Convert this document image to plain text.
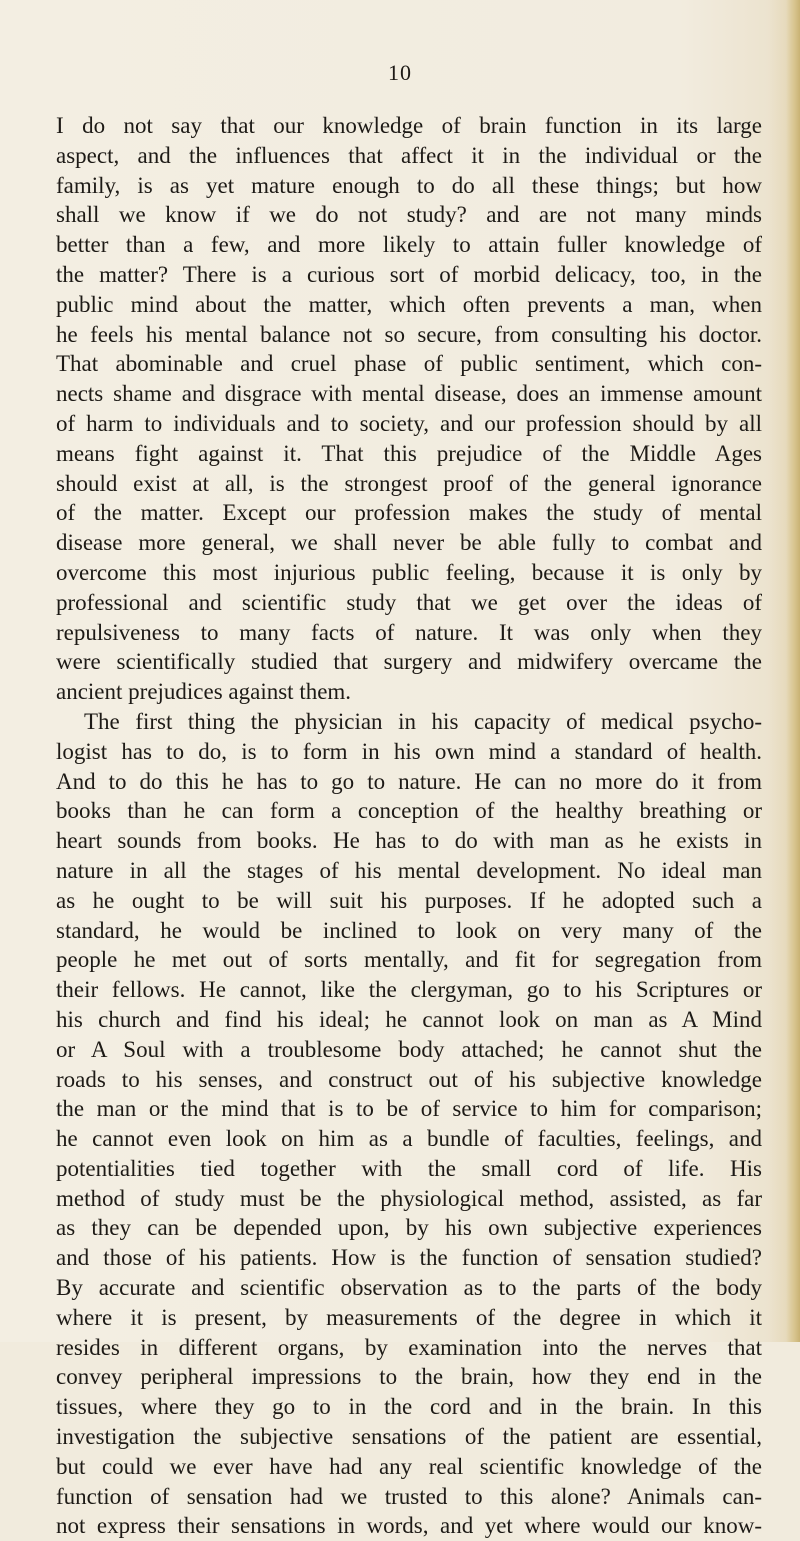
10
I do not say that our knowledge of brain function in its large
aspect, and the influences that affect it in the individual or the
family, is as yet mature enough to do all these things; but how
shall we know if we do not study? and are not many minds
better than a few, and more likely to attain fuller knowledge of
the matter? There is a curious sort of morbid delicacy, too, in the
public mind about the matter, which often prevents a man, when
he feels his mental balance not so secure, from consulting his doctor.
That abominable and cruel phase of public sentiment, which con-
nects shame and disgrace with mental disease, does an immense amount
of harm to individuals and to society, and our profession should by all
means fight against it. That this prejudice of the Middle Ages
should exist at all, is the strongest proof of the general ignorance
of the matter. Except our profession makes the study of mental
disease more general, we shall never be able fully to combat and
overcome this most injurious public feeling, because it is only by
professional and scientific study that we get over the ideas of
repulsiveness to many facts of nature. It was only when they
were scientifically studied that surgery and midwifery overcame the
ancient prejudices against them.
The first thing the physician in his capacity of medical psycho-
logist has to do, is to form in his own mind a standard of health.
And to do this he has to go to nature. He can no more do it from
books than he can form a conception of the healthy breathing or
heart sounds from books. He has to do with man as he exists in
nature in all the stages of his mental development. No ideal man
as he ought to be will suit his purposes. If he adopted such a
standard, he would be inclined to look on very many of the
people he met out of sorts mentally, and fit for segregation from
their fellows. He cannot, like the clergyman, go to his Scriptures or
his church and find his ideal; he cannot look on man as A Mind
or A Soul with a troublesome body attached; he cannot shut the
roads to his senses, and construct out of his subjective knowledge
the man or the mind that is to be of service to him for comparison;
he cannot even look on him as a bundle of faculties, feelings, and
potentialities tied together with the small cord of life. His
method of study must be the physiological method, assisted, as far
as they can be depended upon, by his own subjective experiences
and those of his patients. How is the function of sensation studied?
By accurate and scientific observation as to the parts of the body
where it is present, by measurements of the degree in which it
resides in different organs, by examination into the nerves that
convey peripheral impressions to the brain, how they end in the
tissues, where they go to in the cord and in the brain. In this
investigation the subjective sensations of the patient are essential,
but could we ever have had any real scientific knowledge of the
function of sensation had we trusted to this alone? Animals can-
not express their sensations in words, and yet where would our know-
